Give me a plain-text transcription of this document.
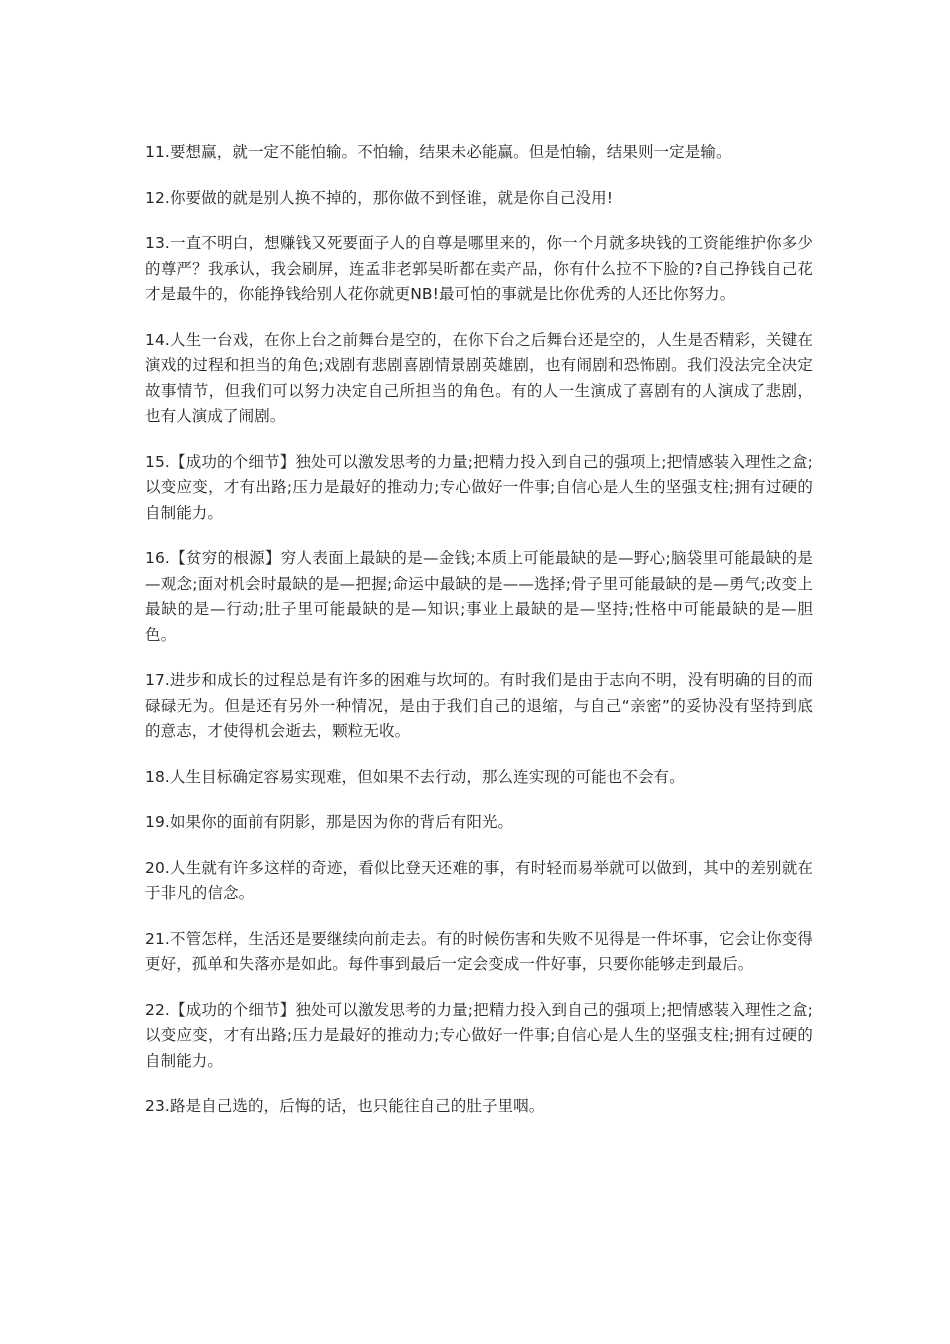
11.要想赢，就一定不能怕输。不怕输，结果未必能赢。但是怕输，结果则一定是输。

12.你要做的就是别人换不掉的，那你做不到怪谁，就是你自己没用!

13.一直不明白，想赚钱又死要面子人的自尊是哪里来的，你一个月就多块钱的工资能维护你多少的尊严？我承认，我会刷屏，连孟非老郭吴昕都在卖产品，你有什么拉不下脸的?自己挣钱自己花才是最牛的，你能挣钱给别人花你就更NB!最可怕的事就是比你优秀的人还比你努力。

14.人生一台戏，在你上台之前舞台是空的，在你下台之后舞台还是空的，人生是否精彩，关键在演戏的过程和担当的角色;戏剧有悲剧喜剧情景剧英雄剧，也有闹剧和恐怖剧。我们没法完全决定故事情节，但我们可以努力决定自己所担当的角色。有的人一生演成了喜剧有的人演成了悲剧，也有人演成了闹剧。

15.【成功的个细节】独处可以激发思考的力量;把精力投入到自己的强项上;把情感装入理性之盒;以变应变，才有出路;压力是最好的推动力;专心做好一件事;自信心是人生的坚强支柱;拥有过硬的自制能力。

16.【贫穷的根源】穷人表面上最缺的是—金钱;本质上可能最缺的是—野心;脑袋里可能最缺的是—观念;面对机会时最缺的是—把握;命运中最缺的是——选择;骨子里可能最缺的是—勇气;改变上最缺的是—行动;肚子里可能最缺的是—知识;事业上最缺的是—坚持;性格中可能最缺的是—胆色。

17.进步和成长的过程总是有许多的困难与坎坷的。有时我们是由于志向不明，没有明确的目的而碌碌无为。但是还有另外一种情况，是由于我们自己的退缩，与自己“亲密”的妥协没有坚持到底的意志，才使得机会逝去，颗粒无收。

18.人生目标确定容易实现难，但如果不去行动，那么连实现的可能也不会有。

19.如果你的面前有阴影，那是因为你的背后有阳光。

20.人生就有许多这样的奇迹，看似比登天还难的事，有时轻而易举就可以做到，其中的差别就在于非凡的信念。

21.不管怎样，生活还是要继续向前走去。有的时候伤害和失败不见得是一件坏事，它会让你变得更好，孤单和失落亦是如此。每件事到最后一定会变成一件好事，只要你能够走到最后。

22.【成功的个细节】独处可以激发思考的力量;把精力投入到自己的强项上;把情感装入理性之盒;以变应变，才有出路;压力是最好的推动力;专心做好一件事;自信心是人生的坚强支柱;拥有过硬的自制能力。

23.路是自己选的，后悔的话，也只能往自己的肚子里咽。
